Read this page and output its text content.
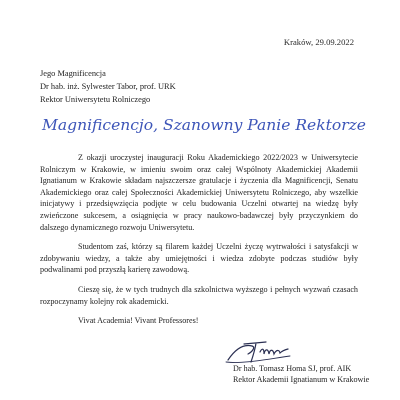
Kraków, 29.09.2022
Jego Magnificencja
Dr hab. inż. Sylwester Tabor, prof. URK
Rektor Uniwersytetu Rolniczego
Magnificencjo, Szanowny Panie Rektorze

Z okazji uroczystej inauguracji Roku Akademickiego 2022/2023 w Uniwersytecie Rolniczym w Krakowie, w imieniu swoim oraz całej Wspólnoty Akademickiej Akademii Ignatianum w Krakowie składam najszczersze gratulacje i życzenia dla Magnificencji, Senatu Akademickiego oraz całej Społeczności Akademickiej Uniwersytetu Rolniczego, aby wszelkie inicjatywy i przedsięwzięcia podjęte w celu budowania Uczelni otwartej na wiedzę były zwieńczone sukcesem, a osiągnięcia w pracy naukowo-badawczej były przyczynkiem do dalszego dynamicznego rozwoju Uniwersytetu.

Studentom zaś, którzy są filarem każdej Uczelni życzę wytrwałości i satysfakcji w zdobywaniu wiedzy, a także aby umiejętności i wiedza zdobyte podczas studiów były podwalinami pod przyszłą karierę zawodową.

Cieszę się, że w tych trudnych dla szkolnictwa wyższego i pełnych wyzwań czasach rozpoczynamy kolejny rok akademicki.

Vivat Academia! Vivant Professores!

Dr hab. Tomasz Homa SJ, prof. AIK
Rektor Akademii Ignatianum w Krakowie
